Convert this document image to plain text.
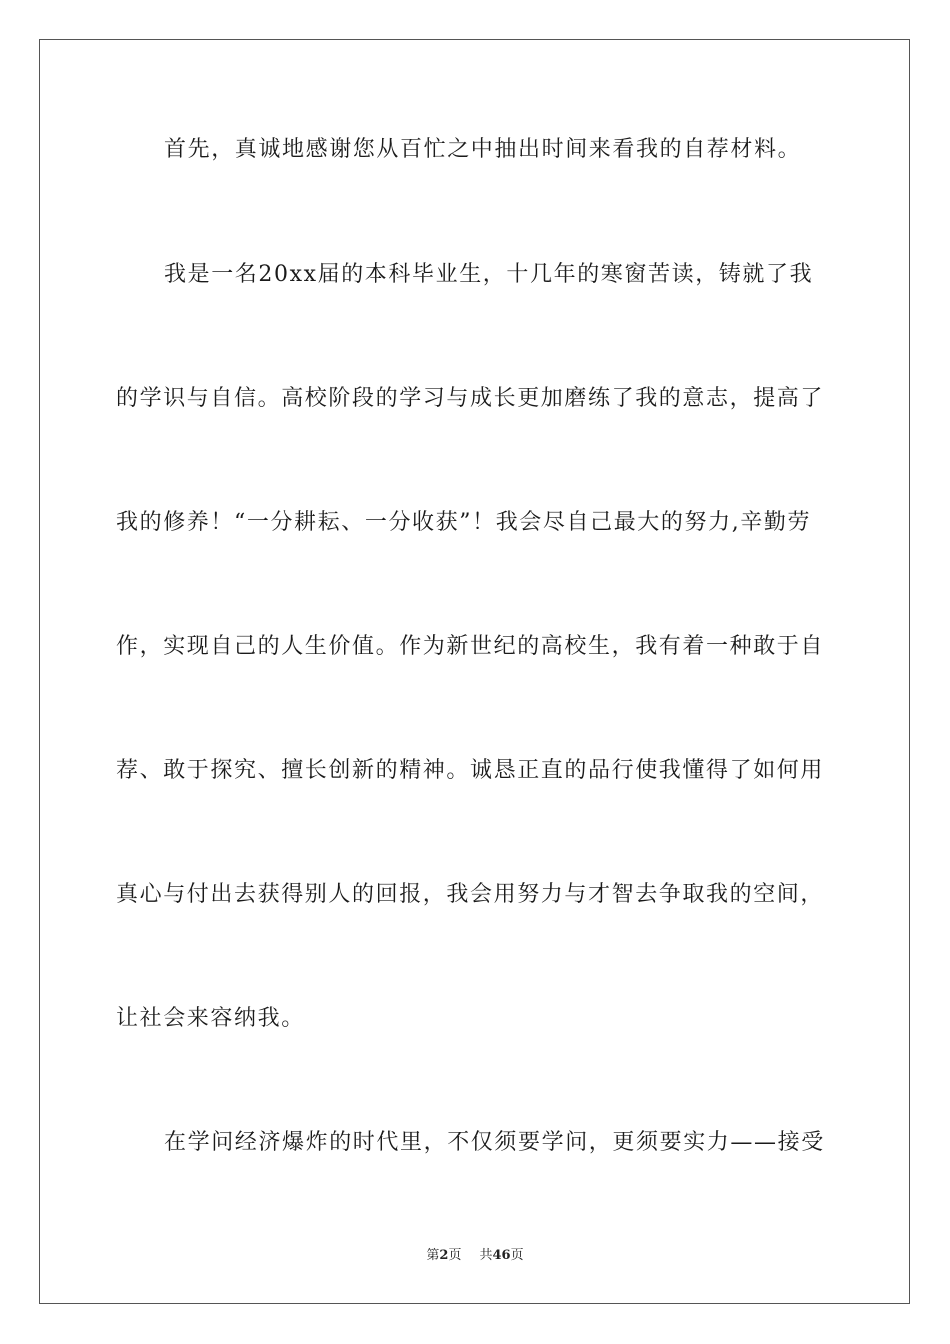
首先，真诚地感谢您从百忙之中抽出时间来看我的自荐材料。
我是一名20xx届的本科毕业生，十几年的寒窗苦读，铸就了我
的学识与自信。高校阶段的学习与成长更加磨练了我的意志，提高了
我的修养！“一分耕耘、一分收获”！我会尽自己最大的努力,辛勤劳
作，实现自己的人生价值。作为新世纪的高校生，我有着一种敢于自
荐、敢于探究、擅长创新的精神。诚恳正直的品行使我懂得了如何用
真心与付出去获得别人的回报，我会用努力与才智去争取我的空间，
让社会来容纳我。
在学问经济爆炸的时代里，不仅须要学问，更须要实力——接受
第2页 共46页
